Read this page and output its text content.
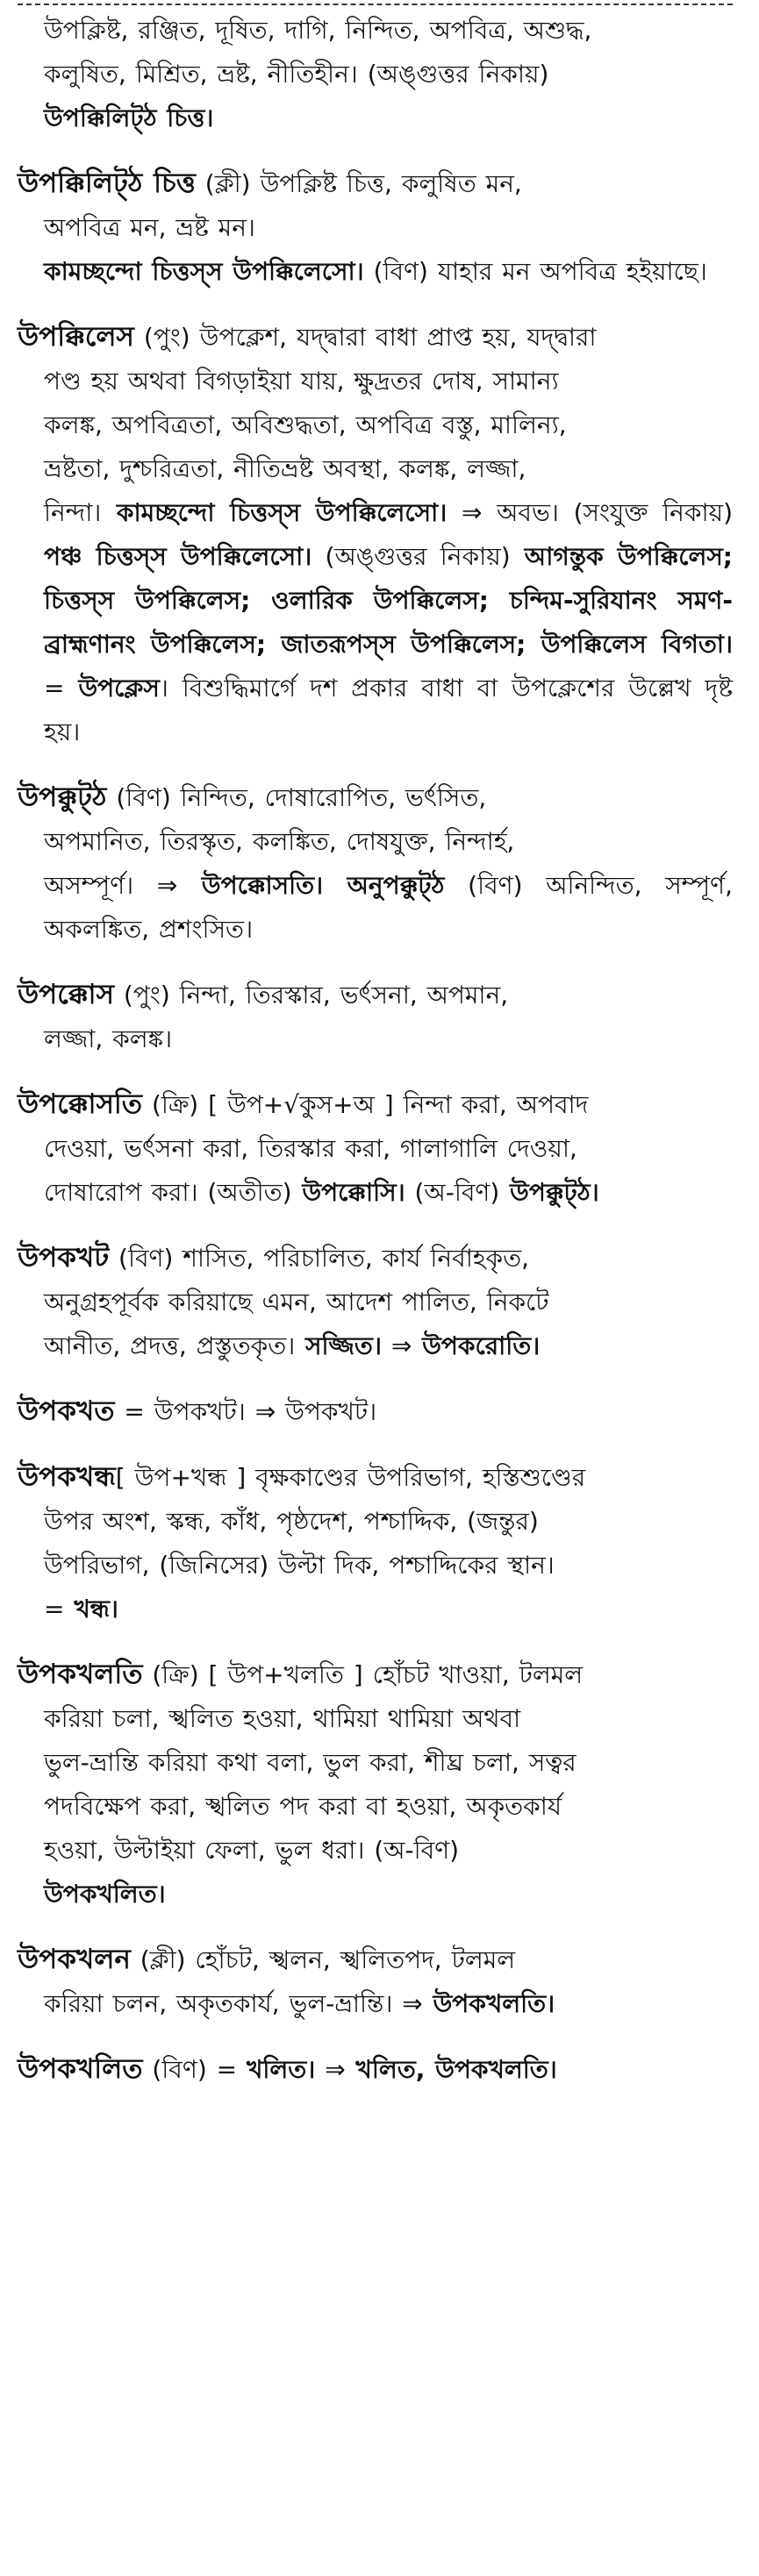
উপক্লিষ্ট, রঞ্জিত, দূষিত, দাগি, নিন্দিত, অপবিত্র, অশুদ্ধ,

কলুষিত, মিশ্রিত, ভ্রষ্ট, নীতিহীন। (অঙ্গুত্তর নিকায়)

উপক্কিলিট্‌ঠ চিত্ত।

উপক্কিলিট্‌ঠ চিত্ত (ক্লী) উপক্লিষ্ট চিত্ত, কলুষিত মন,

অপবিত্র মন, ভ্রষ্ট মন।

কামচ্ছন্দো চিত্তস্‌স উপক্কিলেসো। (বিণ) যাহার মন অপবিত্র হইয়াছে।

উপক্কিলেস (পুং) উপক্লেশ, যদ্দ্বারা বাধা প্রাপ্ত হয়, যদ্দ্বারা

পণ্ড হয় অথবা বিগড়াইয়া যায়, ক্ষুদ্রতর দোষ, সামান্য

কলঙ্ক, অপবিত্রতা, অবিশুদ্ধতা, অপবিত্র বস্তু, মালিন্য,

ভ্রষ্টতা, দুশ্চরিত্রতা, নীতিভ্রষ্ট অবস্থা, কলঙ্ক, লজ্জা,

নিন্দা। কামচ্ছন্দো চিত্তস্‌স উপক্কিলেসো। ⇒ অবভ। (সংযুক্ত নিকায়) পঞ্চ চিত্তস্‌স উপক্কিলেসো। (অঙ্গুত্তর নিকায়) আগন্তুক উপক্কিলেস; চিত্তস্‌স উপক্কিলেস; ওলারিক উপক্কিলেস; চন্দিম-সুরিযানং সমণ-ব্রাহ্মণানং উপক্কিলেস; জাতরূপস্‌স উপক্কিলেস; উপক্কিলেস বিগতা। = উপক্লেস। বিশুদ্ধিমার্গে দশ প্রকার বাধা বা উপক্লেশের উল্লেখ দৃষ্ট হয়।

উপক্কুট্‌ঠ (বিণ) নিন্দিত, দোষারোপিত, ভর্ৎসিত,

অপমানিত, তিরস্কৃত, কলঙ্কিত, দোষযুক্ত, নিন্দার্হ,

অসম্পূর্ণ। ⇒ উপক্কোসতি। অনুপক্কুট্‌ঠ (বিণ) অনিন্দিত, সম্পূর্ণ, অকলঙ্কিত, প্রশংসিত।

উপক্কোস (পুং) নিন্দা, তিরস্কার, ভর্ৎসনা, অপমান,

লজ্জা, কলঙ্ক।

উপক্কোসতি (ক্রি) [ উপ+√কুস+অ ] নিন্দা করা, অপবাদ

দেওয়া, ভর্ৎসনা করা, তিরস্কার করা, গালাগালি দেওয়া,

দোষারোপ করা। (অতীত) উপক্কোসি। (অ-বিণ) উপক্কুট্‌ঠ।

উপকখট (বিণ) শাসিত, পরিচালিত, কার্য নির্বাহকৃত,

অনুগ্রহপূর্বক করিয়াছে এমন, আদেশ পালিত, নিকটে

আনীত, প্রদত্ত, প্রস্তুতকৃত। সজ্জিত। ⇒ উপকরোতি।

উপকখত = উপকখট। ⇒ উপকখট।

উপকখন্ধ[ উপ+খন্ধ ] বৃক্ষকাণ্ডের উপরিভাগ, হস্তিশুণ্ডের

উপর অংশ, স্কন্ধ, কাঁধ, পৃষ্ঠদেশ, পশ্চাদ্দিক, (জন্তুর)

উপরিভাগ, (জিনিসের) উল্টা দিক, পশ্চাদ্দিকের স্থান।

= খন্ধ।

উপকখলতি (ক্রি) [ উপ+খলতি ] হোঁচট খাওয়া, টলমল

করিয়া চলা, স্খলিত হওয়া, থামিয়া থামিয়া অথবা

ভুল-ভ্রান্তি করিয়া কথা বলা, ভুল করা, শীঘ্র চলা, সত্বর

পদবিক্ষেপ করা, স্খলিত পদ করা বা হওয়া, অকৃতকার্য

হওয়া, উল্টাইয়া ফেলা, ভুল ধরা। (অ-বিণ)

উপকখলিত।

উপকখলন (ক্লী) হোঁচট, স্খলন, স্খলিতপদ, টলমল

করিয়া চলন, অকৃতকার্য, ভুল-ভ্রান্তি। ⇒ উপকখলতি।

উপকখলিত (বিণ) = খলিত। ⇒ খলিত, উপকখলতি।
